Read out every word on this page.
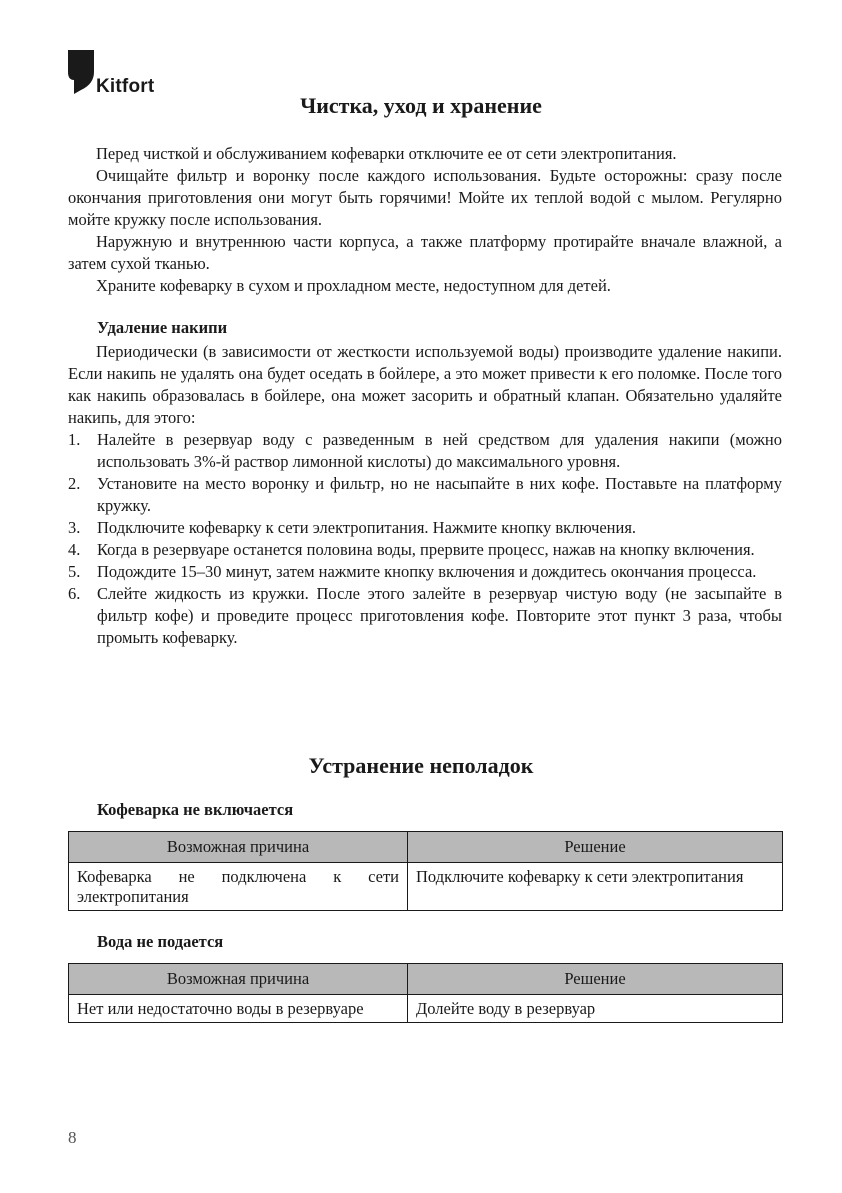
Kitfort
Чистка, уход и хранение

Перед чисткой и обслуживанием кофеварки отключите ее от сети электропитания.

Очищайте фильтр и воронку после каждого использования. Будьте осторожны: сразу после окончания приготовления они могут быть горячими! Мойте их теплой водой с мылом. Регулярно мойте кружку после использования.

Наружную и внутреннюю части корпуса, а также платформу протирайте вначале влажной, а затем сухой тканью.

Храните кофеварку в сухом и прохладном месте, недоступном для детей.

Удаление накипи

Периодически (в зависимости от жесткости используемой воды) производите удаление накипи. Если накипь не удалять она будет оседать в бойлере, а это может привести к его поломке. После того как накипь образовалась в бойлере, она может засорить и обратный клапан. Обязательно удаляйте накипь, для этого:

1. Налейте в резервуар воду с разведенным в ней средством для удаления накипи (можно использовать 3%-й раствор лимонной кислоты) до максимального уровня.
2. Установите на место воронку и фильтр, но не насыпайте в них кофе. Поставьте на платформу кружку.
3. Подключите кофеварку к сети электропитания. Нажмите кнопку включения.
4. Когда в резервуаре останется половина воды, прервите процесс, нажав на кнопку включения.
5. Подождите 15–30 минут, затем нажмите кнопку включения и дождитесь окончания процесса.
6. Слейте жидкость из кружки. После этого залейте в резервуар чистую воду (не засыпайте в фильтр кофе) и проведите процесс приготовления кофе. Повторите этот пункт 3 раза, чтобы промыть кофеварку.
Устранение неполадок
Кофеварка не включается
Возможная причина	Решение
Кофеварка не подключена к сети электропитания	Подключите кофеварку к сети электропитания
Вода не подается
Возможная причина	Решение
Нет или недостаточно воды в резервуаре	Долейте воду в резервуар
8
